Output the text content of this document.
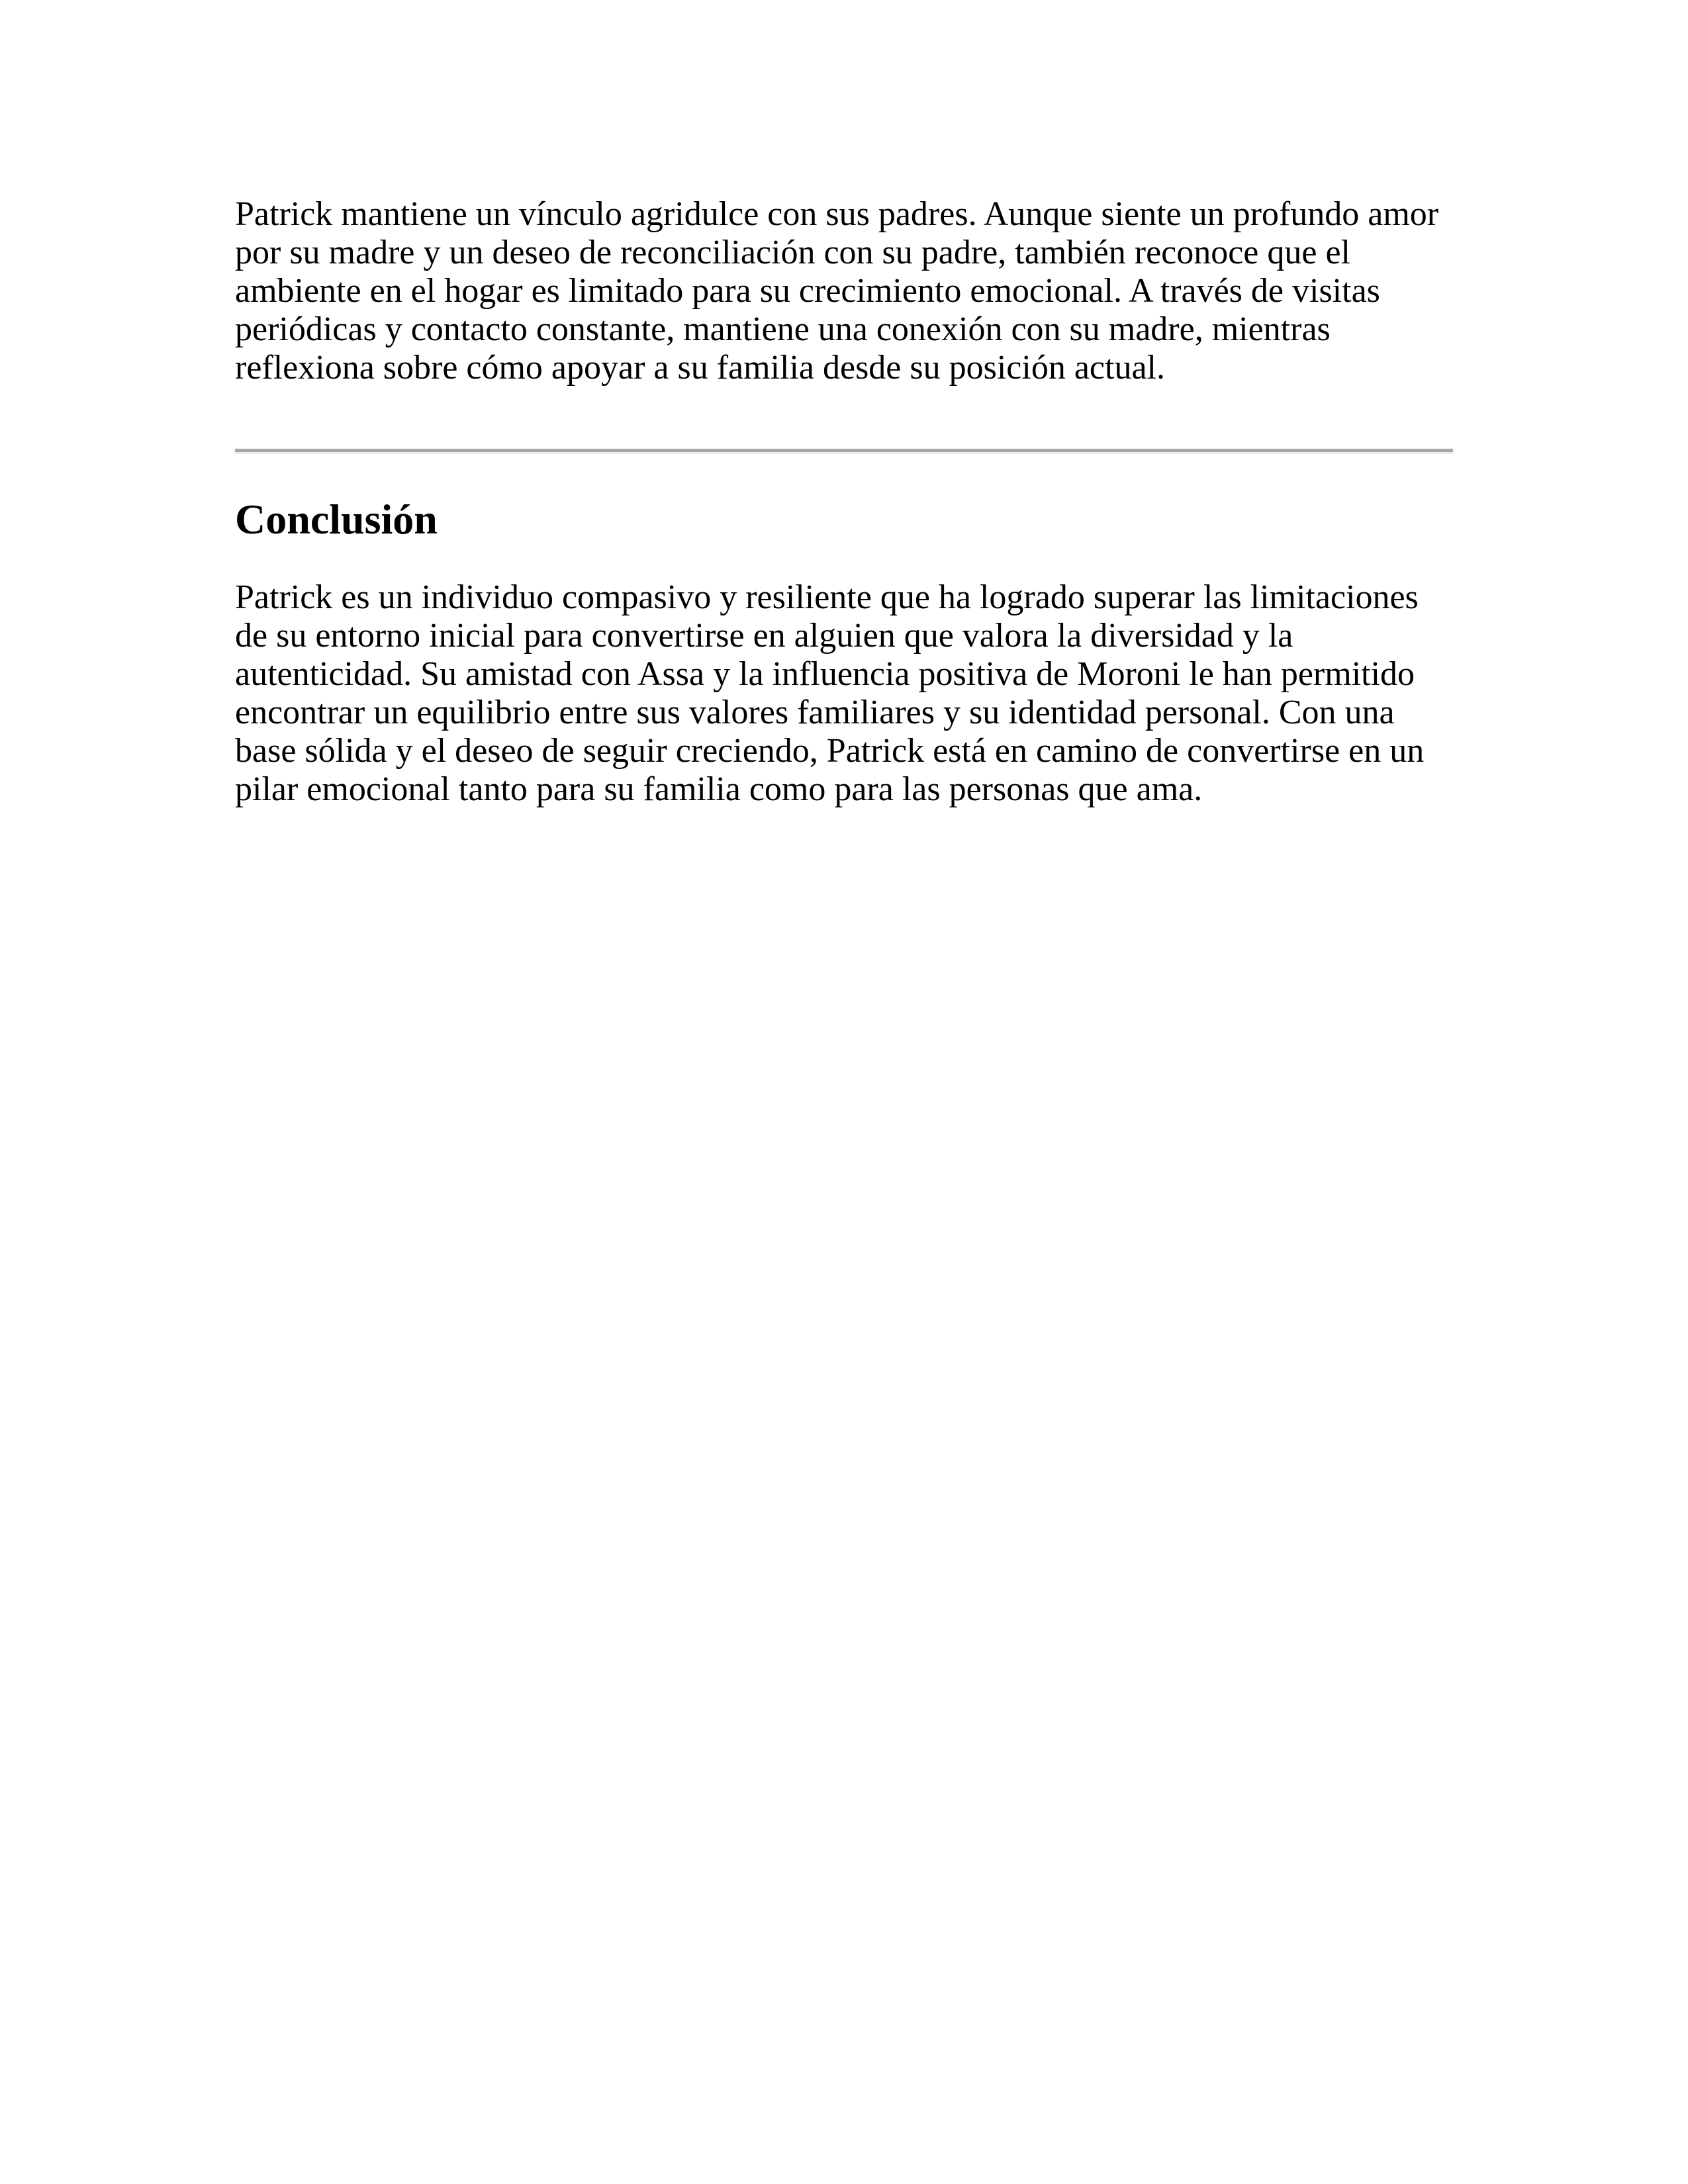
Patrick mantiene un vínculo agridulce con sus padres. Aunque siente un profundo amor por su madre y un deseo de reconciliación con su padre, también reconoce que el ambiente en el hogar es limitado para su crecimiento emocional. A través de visitas periódicas y contacto constante, mantiene una conexión con su madre, mientras reflexiona sobre cómo apoyar a su familia desde su posición actual.

Conclusión

Patrick es un individuo compasivo y resiliente que ha logrado superar las limitaciones de su entorno inicial para convertirse en alguien que valora la diversidad y la autenticidad. Su amistad con Assa y la influencia positiva de Moroni le han permitido encontrar un equilibrio entre sus valores familiares y su identidad personal. Con una base sólida y el deseo de seguir creciendo, Patrick está en camino de convertirse en un pilar emocional tanto para su familia como para las personas que ama.
